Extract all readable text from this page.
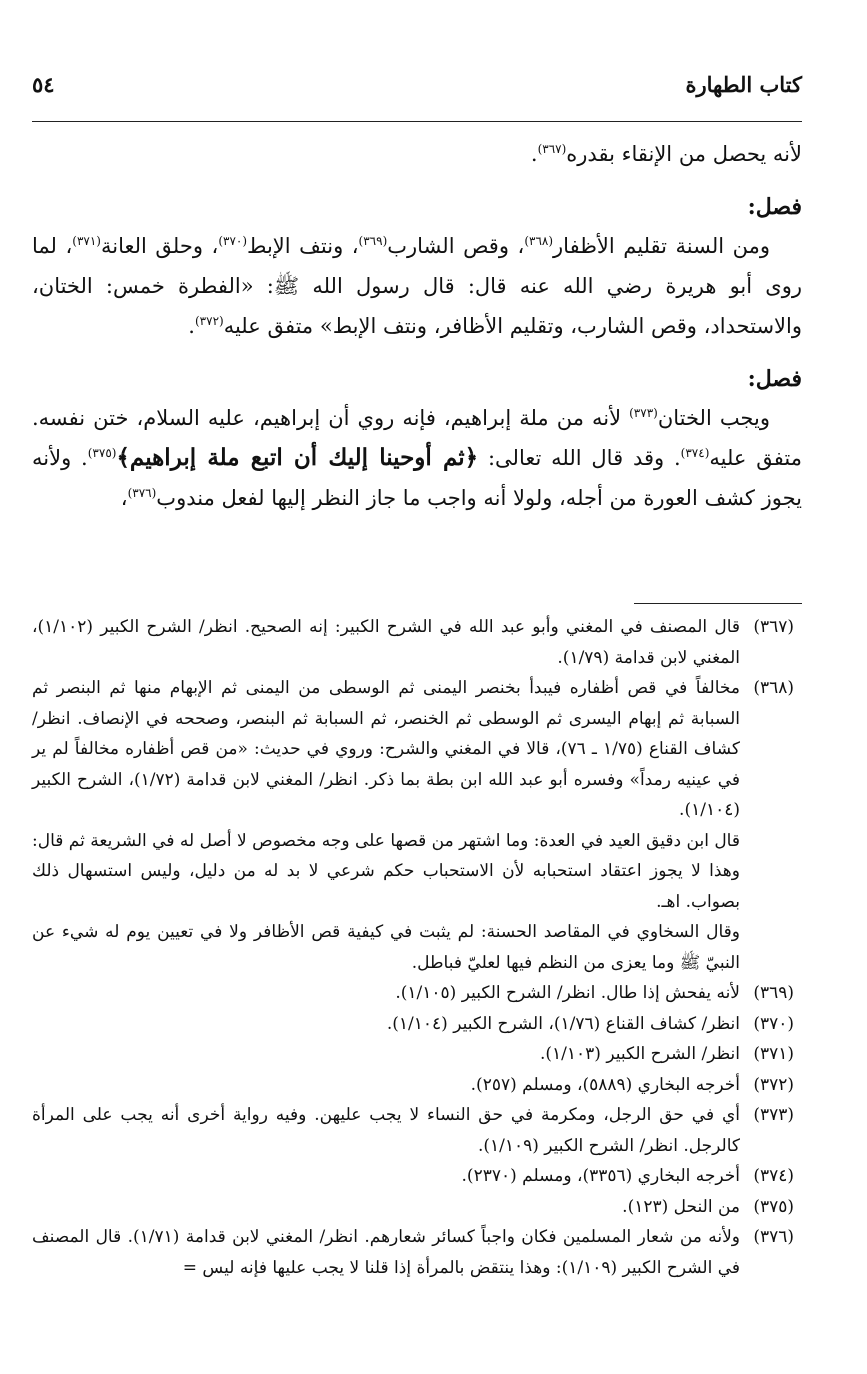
كتاب الطهارة
٥٤

لأنه يحصل من الإنقاء بقدره$^{(٣٦٧)}$.

فصل:

ومن السنة تقليم الأظفار$^{(٣٦٨)}$، وقص الشارب$^{(٣٦٩)}$، ونتف الإبط$^{(٣٧٠)}$، وحلق العانة$^{(٣٧١)}$، لما روى أبو هريرة رضي الله عنه قال: قال رسول الله ﷺ: «الفطرة خمس: الختان، والاستحداد، وقص الشارب، وتقليم الأظافر، ونتف الإبط» متفق عليه$^{(٣٧٢)}$.

فصل:

ويجب الختان$^{(٣٧٣)}$ لأنه من ملة إبراهيم، فإنه روي أن إبراهيم، عليه السلام، ختن نفسه. متفق عليه$^{(٣٧٤)}$. وقد قال الله تعالى: ﴿ثم أوحينا إليك أن اتبع ملة إبراهيم﴾$^{(٣٧٥)}$. ولأنه يجوز كشف العورة من أجله، ولولا أنه واجب ما جاز النظر إليها لفعل مندوب$^{(٣٧٦)}$،

(٣٦٧)
قال المصنف في المغني وأبو عبد الله في الشرح الكبير: إنه الصحيح. انظر/ الشرح الكبير (١/١٠٢)، المغني لابن قدامة (١/٧٩).
(٣٦٨)
مخالفاً في قص أظفاره فيبدأ بخنصر اليمنى ثم الوسطى من اليمنى ثم الإبهام منها ثم البنصر ثم السبابة ثم إبهام اليسرى ثم الوسطى ثم الخنصر، ثم السبابة ثم البنصر، وصححه في الإنصاف. انظر/ كشاف القناع (١/٧٥ ـ ٧٦)، قالا في المغني والشرح: وروي في حديث: «من قص أظفاره مخالفاً لم ير في عينيه رمداً» وفسره أبو عبد الله ابن بطة بما ذكر. انظر/ المغني لابن قدامة (١/٧٢)، الشرح الكبير (١/١٠٤).
قال ابن دقيق العيد في العدة: وما اشتهر من قصها على وجه مخصوص لا أصل له في الشريعة ثم قال: وهذا لا يجوز اعتقاد استحبابه لأن الاستحباب حكم شرعي لا بد له من دليل، وليس استسهال ذلك بصواب. اهـ.
وقال السخاوي في المقاصد الحسنة: لم يثبت في كيفية قص الأظافر ولا في تعيين يوم له شيء عن النبيّ ﷺ وما يعزى من النظم فيها لعليّ فباطل.
(٣٦٩)
لأنه يفحش إذا طال. انظر/ الشرح الكبير (١/١٠٥).
(٣٧٠)
انظر/ كشاف القناع (١/٧٦)، الشرح الكبير (١/١٠٤).
(٣٧١)
انظر/ الشرح الكبير (١/١٠٣).
(٣٧٢)
أخرجه البخاري (٥٨٨٩)، ومسلم (٢٥٧).
(٣٧٣)
أي في حق الرجل، ومكرمة في حق النساء لا يجب عليهن. وفيه رواية أخرى أنه يجب على المرأة كالرجل. انظر/ الشرح الكبير (١/١٠٩).
(٣٧٤)
أخرجه البخاري (٣٣٥٦)، ومسلم (٢٣٧٠).
(٣٧٥)
من النحل (١٢٣).
(٣٧٦)
ولأنه من شعار المسلمين فكان واجباً كسائر شعارهم. انظر/ المغني لابن قدامة (١/٧١). قال المصنف في الشرح الكبير (١/١٠٩): وهذا ينتقض بالمرأة إذا قلنا لا يجب عليها فإنه ليس =
